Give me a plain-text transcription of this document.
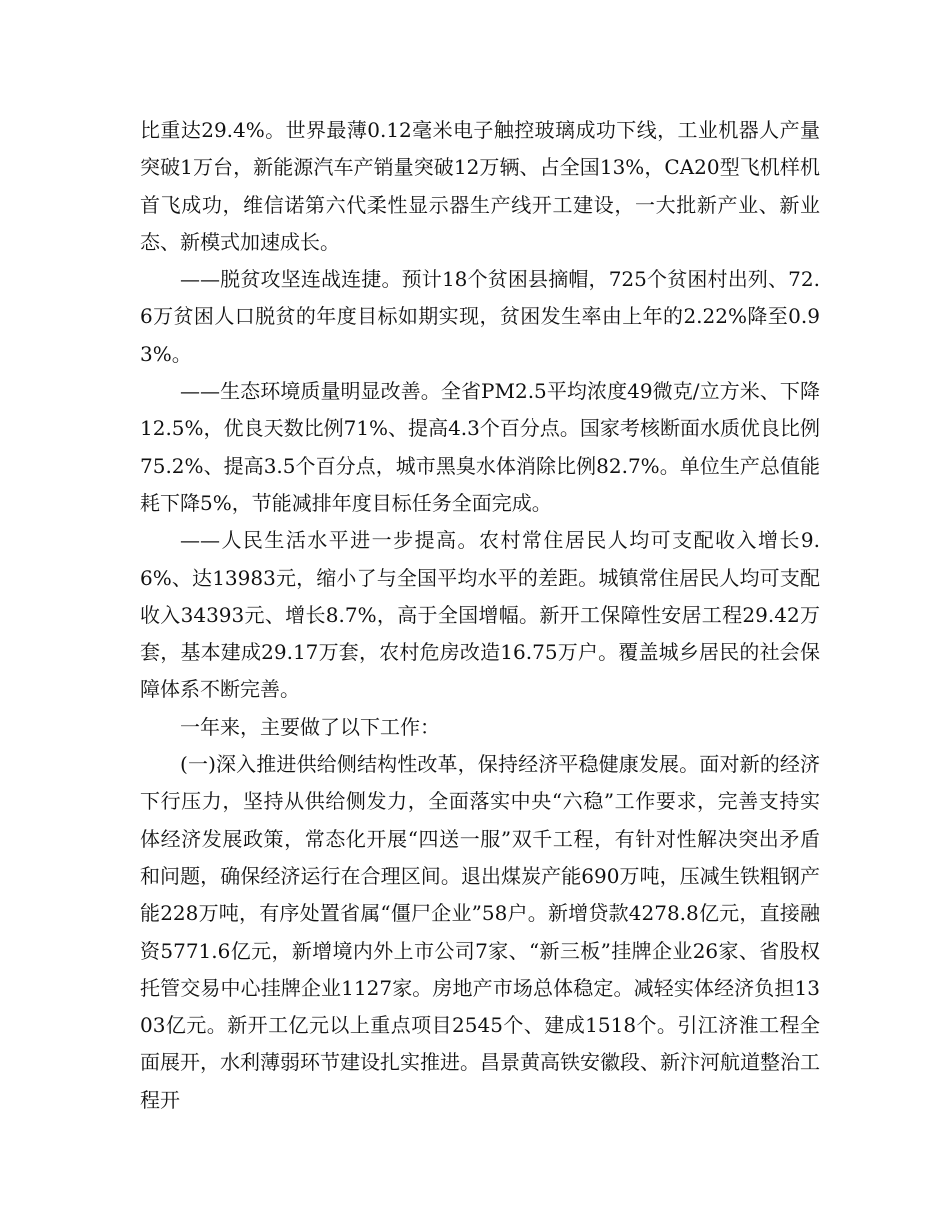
比重达29.4%。世界最薄0.12毫米电子触控玻璃成功下线，工业机器人产量突破1万台，新能源汽车产销量突破12万辆、占全国13%，CA20型飞机样机首飞成功，维信诺第六代柔性显示器生产线开工建设，一大批新产业、新业态、新模式加速成长。

——脱贫攻坚连战连捷。预计18个贫困县摘帽，725个贫困村出列、72.6万贫困人口脱贫的年度目标如期实现，贫困发生率由上年的2.22%降至0.93%。

——生态环境质量明显改善。全省PM2.5平均浓度49微克/立方米、下降12.5%，优良天数比例71%、提高4.3个百分点。国家考核断面水质优良比例75.2%、提高3.5个百分点，城市黑臭水体消除比例82.7%。单位生产总值能耗下降5%，节能减排年度目标任务全面完成。

——人民生活水平进一步提高。农村常住居民人均可支配收入增长9.6%、达13983元，缩小了与全国平均水平的差距。城镇常住居民人均可支配收入34393元、增长8.7%，高于全国增幅。新开工保障性安居工程29.42万套，基本建成29.17万套，农村危房改造16.75万户。覆盖城乡居民的社会保障体系不断完善。

一年来，主要做了以下工作：

(一)深入推进供给侧结构性改革，保持经济平稳健康发展。面对新的经济下行压力，坚持从供给侧发力，全面落实中央“六稳”工作要求，完善支持实体经济发展政策，常态化开展“四送一服”双千工程，有针对性解决突出矛盾和问题，确保经济运行在合理区间。退出煤炭产能690万吨，压减生铁粗钢产能228万吨，有序处置省属“僵尸企业”58户。新增贷款4278.8亿元，直接融资5771.6亿元，新增境内外上市公司7家、“新三板”挂牌企业26家、省股权托管交易中心挂牌企业1127家。房地产市场总体稳定。减轻实体经济负担1303亿元。新开工亿元以上重点项目2545个、建成1518个。引江济淮工程全面展开，水利薄弱环节建设扎实推进。昌景黄高铁安徽段、新汴河航道整治工程开
